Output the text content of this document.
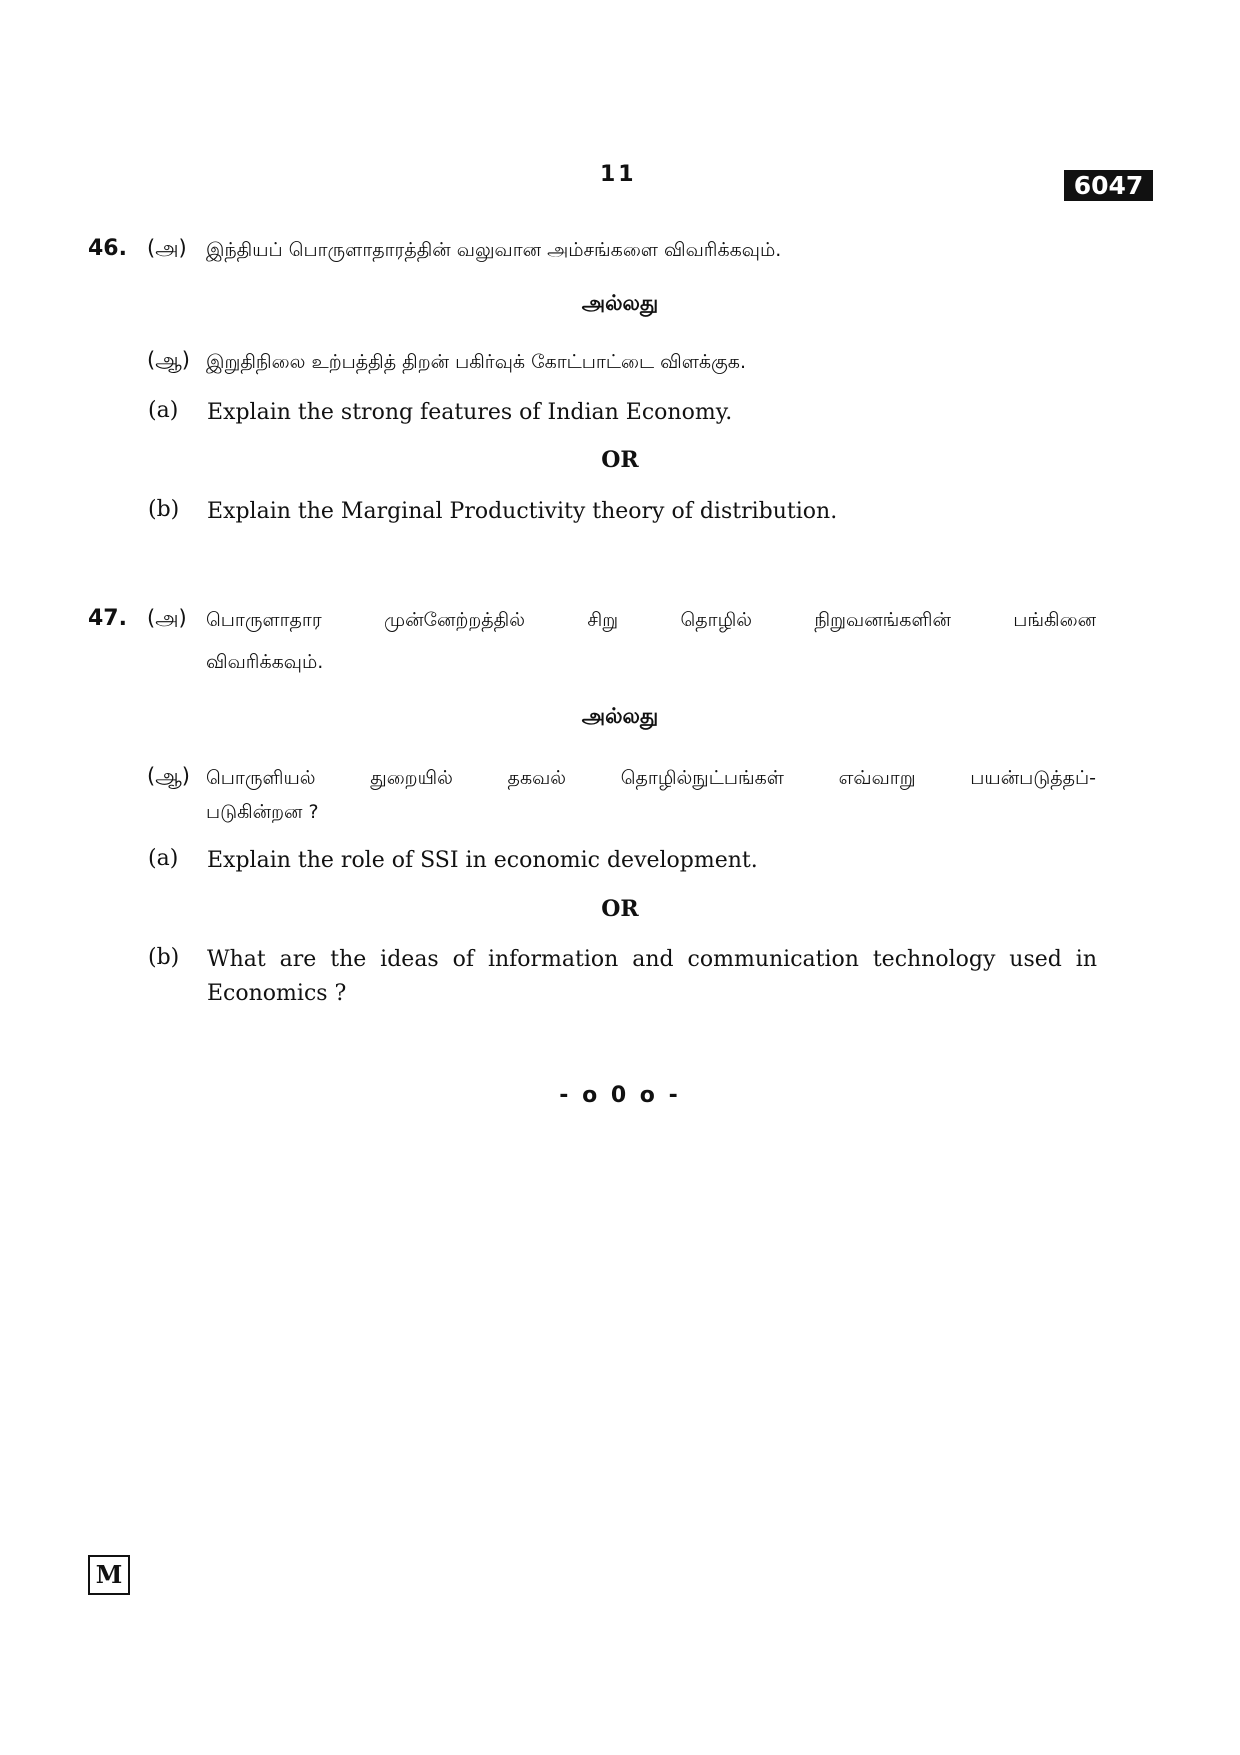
11	6047
46. (அ) இந்தியப் பொருளாதாரத்தின் வலுவான அம்சங்களை விவரிக்கவும்.
அல்லது
(ஆ) இறுதிநிலை உற்பத்தித் திறன் பகிர்வுக் கோட்பாட்டை விளக்குக.
(a) Explain the strong features of Indian Economy.
OR
(b) Explain the Marginal Productivity theory of distribution.
47. (அ) பொருளாதார முன்னேற்றத்தில் சிறு தொழில் நிறுவனங்களின் பங்கினை
விவரிக்கவும்.
அல்லது
(ஆ) பொருளியல் துறையில் தகவல் தொழில்நுட்பங்கள் எவ்வாறு பயன்படுத்தப்-
படுகின்றன ?
(a) Explain the role of SSI in economic development.
OR
(b) What are the ideas of information and communication technology used in
Economics ?
- o 0 o -
M
